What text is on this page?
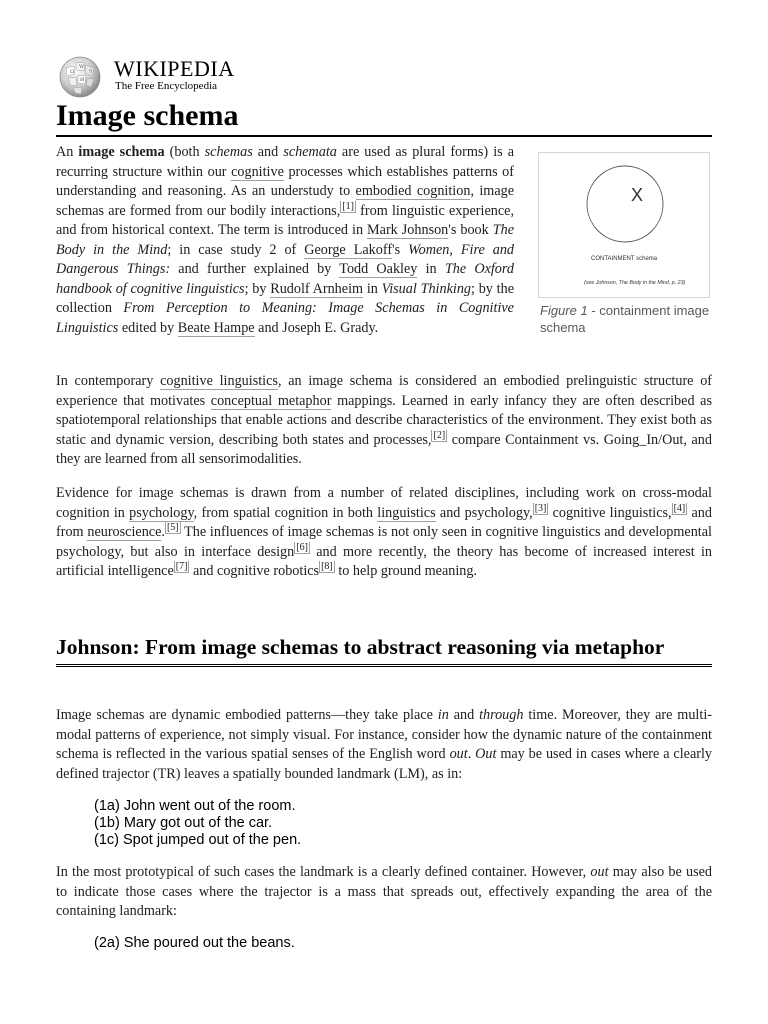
Ω
W
И
ウ WIKIPEDIA
The Free Encyclopedia
Image schema

An image schema (both schemas and schemata are used as plural forms) is a recurring structure within our cognitive processes which establishes patterns of understanding and reasoning. As an understudy to embodied cognition, image schemas are formed from our bodily interactions, [1] from linguistic experience, and from historical context. The term is introduced in Mark Johnson's book The Body in the Mind; in case study 2 of George Lakoff's Women, Fire and Dangerous Things: and further explained by Todd Oakley in The Oxford handbook of cognitive linguistics; by Rudolf Arnheim in Visual Thinking; by the collection From Perception to Meaning: Image Schemas in Cognitive Linguistics edited by Beate Hampe and Joseph E. Grady.

X
CONTAINMENT schema
(see Johnson, The Body in the Mind, p. 23)
Figure 1 - containment image schema

In contemporary cognitive linguistics, an image schema is considered an embodied prelinguistic structure of experience that motivates conceptual metaphor mappings. Learned in early infancy they are often described as spatiotemporal relationships that enable actions and describe characteristics of the environment. They exist both as static and dynamic version, describing both states and processes, [2] compare Containment vs. Going_In/Out, and they are learned from all sensorimodalities.

Evidence for image schemas is drawn from a number of related disciplines, including work on cross-modal cognition in psychology, from spatial cognition in both linguistics and psychology, [3] cognitive linguistics, [4] and from neuroscience. [5] The influences of image schemas is not only seen in cognitive linguistics and developmental psychology, but also in interface design [6] and more recently, the theory has become of increased interest in artificial intelligence [7] and cognitive robotics [8] to help ground meaning.

Johnson: From image schemas to abstract reasoning via metaphor

Image schemas are dynamic embodied patterns—they take place in and through time. Moreover, they are multi-modal patterns of experience, not simply visual. For instance, consider how the dynamic nature of the containment schema is reflected in the various spatial senses of the English word out. Out may be used in cases where a clearly defined trajector (TR) leaves a spatially bounded landmark (LM), as in:

(1a) John went out of the room.
(1b) Mary got out of the car.
(1c) Spot jumped out of the pen.

In the most prototypical of such cases the landmark is a clearly defined container. However, out may also be used to indicate those cases where the trajector is a mass that spreads out, effectively expanding the area of the containing landmark:

(2a) She poured out the beans.
